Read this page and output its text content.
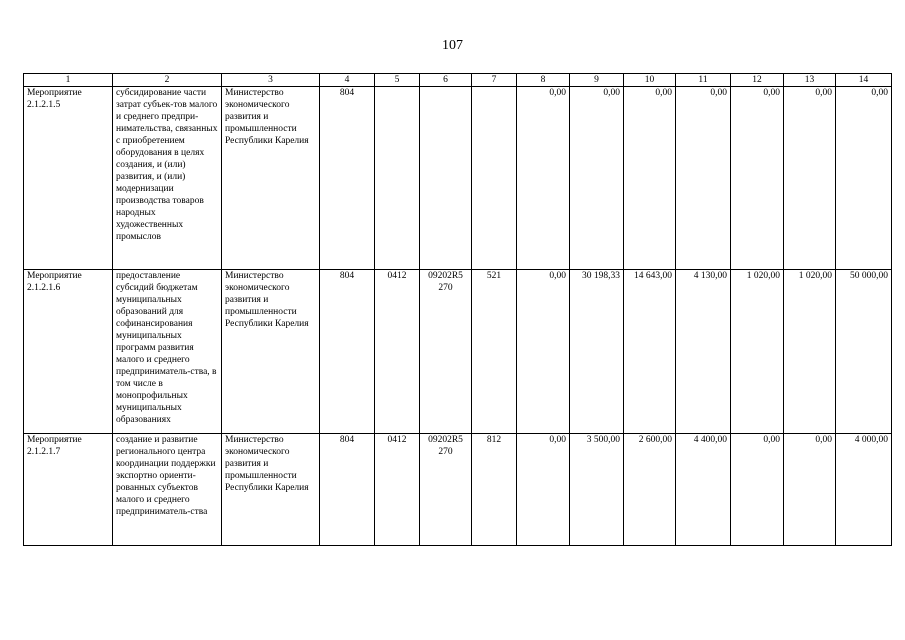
107
1	2	3	4	5	6	7	8	9	10	11	12	13	14
Мероприятие 2.1.2.1.5	субсидирование части затрат субъек-тов малого и среднего предпри-нимательства, связанных с приобретением оборудования в целях создания, и (или) развития, и (или) модернизации производства товаров народных художественных промыслов	Министерство экономического развития и промышленности Республики Карелия	804				0,00	0,00	0,00	0,00	0,00	0,00	0,00
Мероприятие 2.1.2.1.6	предоставление субсидий бюджетам муниципальных образований для софинансирования муниципальных программ развития малого и среднего предприниматель-ства, в том числе в монопрофильных муниципальных образованиях	Министерство экономического развития и промышленности Республики Карелия	804	0412	09202R5 270	521	0,00	30 198,33	14 643,00	4 130,00	1 020,00	1 020,00	50 000,00
Мероприятие 2.1.2.1.7	создание и развитие регионального центра координации поддержки экспортно ориенти-рованных субъектов малого и среднего предприниматель-ства	Министерство экономического развития и промышленности Республики Карелия	804	0412	09202R5 270	812	0,00	3 500,00	2 600,00	4 400,00	0,00	0,00	4 000,00
